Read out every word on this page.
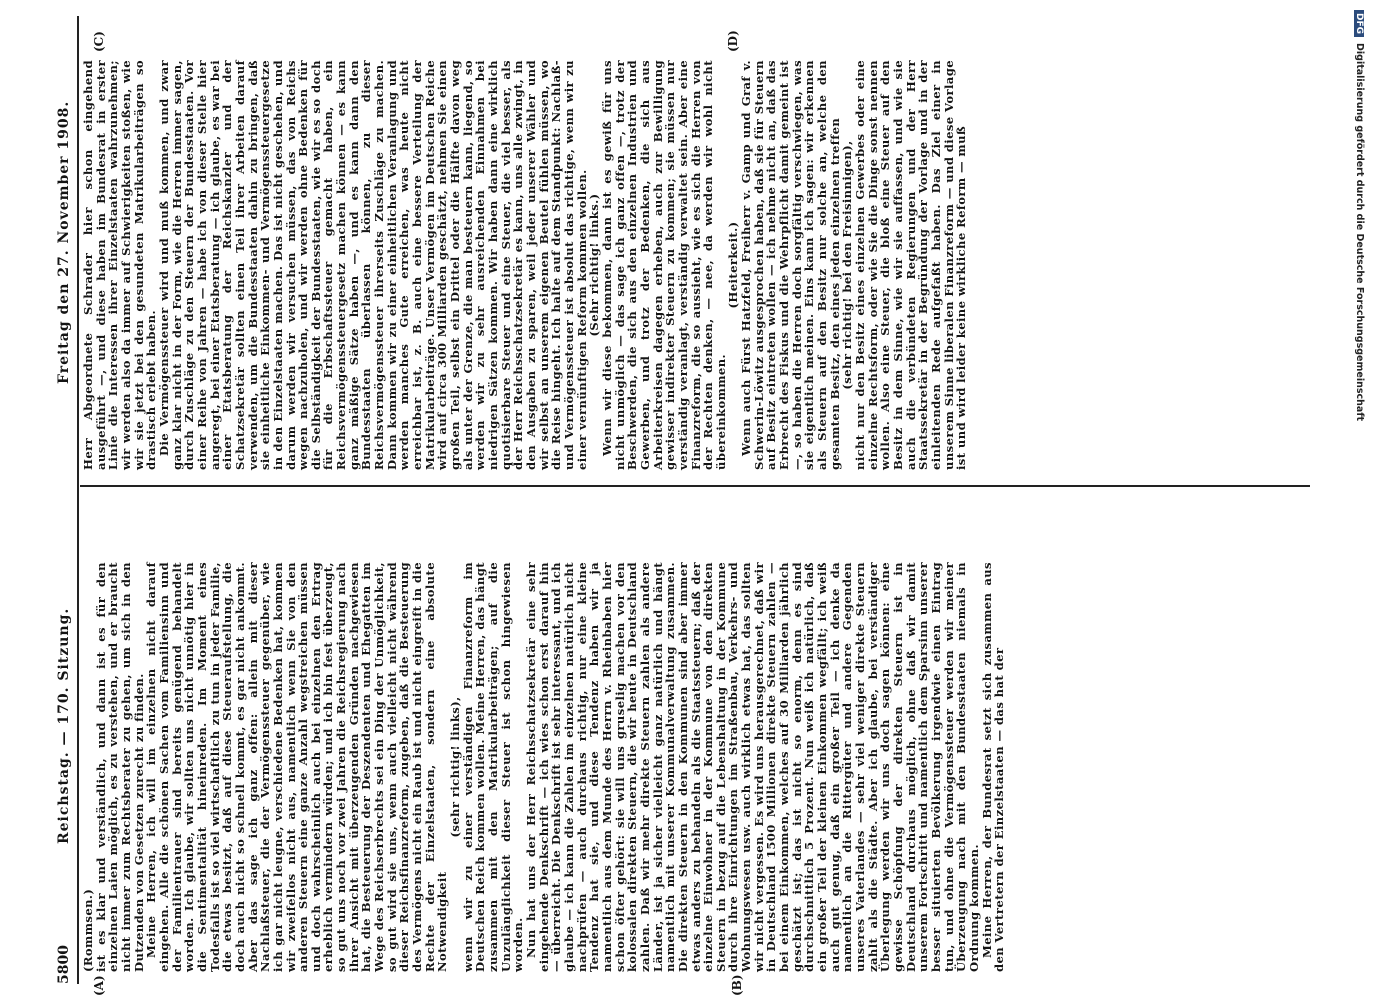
5800
Reichstag. — 170. Sitzung.
Freitag den 27. November 1908.
(A)	(B)
(C)	(D)

(Rommsen.)

ist es klar und verständlich, und dann ist es für den einzelnen Laien möglich, es zu verstehen, und er braucht nicht immer zum Rechtsberater zu gehen, um sich in den Dutzenden von Gesetzen zurecht zu finden.

Meine Herren, ich will im einzelnen nicht darauf eingehen. Alle die schönen Sachen vom Familiensinn und der Familientrauer sind bereits genügend behandelt worden. Ich glaube, wir sollten uns nicht unnötig hier in die Sentimentalität hineinreden. Im Moment eines Todesfalls ist so viel wirtschaftlich zu tun in jeder Familie, die etwas besitzt, daß auf diese Steueraufstellung, die doch auch nicht so schnell kommt, es gar nicht ankommt. Aber das sage ich ganz offen: allein mit dieser Nachlaßsteuer, die der Vermögenssteuer gegenüber, wie ich gar nicht leugne, verschiedene Bedenken hat, kommen wir zweifellos nicht aus, namentlich wenn Sie von den anderen Steuern eine ganze Anzahl wegstreichen müssen und doch wahrscheinlich auch bei einzelnen den Ertrag erheblich vermindern würden; und ich bin fest überzeugt, so gut uns noch vor zwei Jahren die Reichsregierung nach ihrer Ansicht mit überzeugenden Gründen nachgewiesen hat, die Besteuerung der Deszendenten und Ehegatten im Wege des Reichserbrechts sei ein Ding der Unmöglichkeit, so gut wird sie uns, wenn auch vielleicht nicht während dieser Reichsfinanzreform, zugeben, daß die Besteuerung des Vermögens nicht ein Raub ist und nicht eingreift in die Rechte der Einzelstaaten, sondern eine absolute Notwendigkeit

(sehr richtig! links),

wenn wir zu einer verständigen Finanzreform im Deutschen Reich kommen wollen. Meine Herren, das hängt zusammen mit den Matrikularbeiträgen; auf die Unzulänglichkeit dieser Steuer ist schon hingewiesen worden.

Nun hat uns der Herr Reichsschatzsekretär eine sehr eingehende Denkschrift — ich wies schon erst darauf hin — überreicht. Die Denkschrift ist sehr interessant, und ich glaube — ich kann die Zahlen im einzelnen natürlich nicht nachprüfen — auch durchaus richtig, nur eine kleine Tendenz hat sie, und diese Tendenz haben wir ja namentlich aus dem Munde des Herrn v. Rheinbaben hier schon öfter gehört: sie will uns gruselig machen vor den kolossalen direkten Steuern, die wir heute in Deutschland zahlen. Daß wir mehr direkte Steuern zahlen als andere Länder, ist ja sicher vielleicht ganz natürlich und hängt namentlich mit unserer Kommunalverwaltung zusammen. Die direkten Steuern in den Kommunen sind aber immer etwas anders zu behandeln als die Staatssteuern; daß der einzelne Einwohner in der Kommune von den direkten Steuern in bezug auf die Lebenshaltung in der Kommune durch ihre Einrichtungen im Straßenbau, Verkehrs- und Wohnungswesen usw. auch wirklich etwas hat, das sollten wir nicht vergessen. Es wird uns herausgerechnet, daß wir in Deutschland 1500 Millionen direkte Steuern zahlen — bei einem Einkommen, welches auf 30 Milliarden jährlich geschätzt ist; das ist nicht so enorm, denn es sind durchschnittlich 5 Prozent. Nun weiß ich natürlich, daß ein großer Teil der kleinen Einkommen wegfällt; ich weiß auch gut genug, daß ein großer Teil — ich denke da namentlich an die Rittergüter und andere Gegenden unseres Vaterlandes — sehr viel weniger direkte Steuern zahlt als die Städte. Aber ich glaube, bei verständiger Überlegung werden wir uns doch sagen können: eine gewisse Schöpfung der direkten Steuern ist in Deutschland durchaus möglich, ohne daß wir damit unserem Fortschritt und namentlich dem Sparsinn unserer besser situierten Bevölkerung irgendwie einen Eintrag tun, und ohne die Vermögenssteuer werden wir meiner Überzeugung nach mit den Bundesstaaten niemals in Ordnung kommen.

Meine Herren, der Bundesrat setzt sich zusammen aus den Vertretern der Einzelstaaten — das hat der

Herr Abgeordnete Schrader hier schon eingehend ausgeführt —, und diese haben im Bundesrat in erster Linie die Interessen ihrer Einzelstaaten wahrzunehmen; wir werden also da immer auf Schwierigkeiten stoßen, wie wir sie jetzt bei den gesundeten Matrikularbeiträgen so drastisch erlebt haben.

Die Vermögenssteuer wird und muß kommen, und zwar ganz klar nicht in der Form, wie die Herren immer sagen, durch Zuschläge zu den Steuern der Bundesstaaten. Vor einer Reihe von Jahren — habe ich von dieser Stelle hier angeregt, bei einer Etatsberatung — ich glaube, es war bei einer Etatsberatung der Reichskanzler und der Schatzsekretär sollten einen Teil ihrer Arbeiten darauf verwenden, um die Bundesstaaten dahin zu bringen, daß sie einheitliche Einkommen- und Vermögenssteuergesetze in den Einzelstaaten machen. Das ist nicht geschehen, und darum werden wir versuchen müssen, das von Reichs wegen nachzuholen, und wir werden ohne Bedenken für die Selbständigkeit der Bundesstaaten, wie wir es so doch für die Erbschaftssteuer gemacht haben, ein Reichsvermögenssteuergesetz machen können — es kann ganz mäßige Sätze haben —, und es kann dann den Bundesstaaten überlassen können, zu dieser Reichsvermögenssteuer ihrerseits Zuschläge zu machen. Dann kommen wir zu einer einheitlichen Veranlagung und werden manches Gute erreichen, was heute nicht erreichbar ist, z. B. auch eine bessere Verteilung der Matrikularbeiträge. Unser Vermögen im Deutschen Reiche wird auf circa 300 Milliarden geschätzt, nehmen Sie einen großen Teil, selbst ein Drittel oder die Hälfte davon weg als unter der Grenze, die man besteuern kann, liegend, so werden wir zu sehr ausreichenden Einnahmen bei niedrigen Sätzen kommen. Wir haben dann eine wirklich quotisierbare Steuer und eine Steuer, die viel besser, als der Herr Reichsschatzsekretär es kann, uns alle zwingt, in den Ausgaben zu sparen, weil jeder unserer Wähler und wir selbst an unserem eigenen Beutel fühlen müssen, wo die Reise hingeht. Ich halte auf dem Standpunkt: Nachlaß- und Vermögenssteuer ist absolut das richtige, wenn wir zu einer vernünftigen Reform kommen wollen.

(Sehr richtig! links.)

Wenn wir diese bekommen, dann ist es gewiß für uns nicht unmöglich — das sage ich ganz offen —, trotz der Beschwerden, die sich aus den einzelnen Industrien und Gewerben, und trotz der Bedenken, die sich aus Arbeiterkreisen dagegen erheben, auch zur Bewilligung gewisser indirekter Steuern zu kommen; sie müssen nur verständig veranlagt, verständig verwaltet sein. Aber eine Finanzreform, die so aussieht, wie es sich die Herren von der Rechten denken, — nee, da werden wir wohl nicht übereinkommen.

(Heiterkeit.)

Wenn auch Fürst Hatzfeld, Freiherr v. Gamp und Graf v. Schwerin-Löwitz ausgesprochen haben, daß sie für Steuern auf Besitz eintreten wollen — ich nehme nicht an, daß das Erbrecht des Fiskus und die Wehrpflicht damit gemeint ist —, so haben die Herren doch sorgfältig verschwiegen, was sie eigentlich meinen. Eins kann ich sagen: wir erkennen als Steuern auf den Besitz nur solche an, welche den gesamten Besitz, den eines jeden einzelnen treffen

(sehr richtig! bei den Freisinnigen),

nicht nur den Besitz eines einzelnen Gewerbes oder eine einzelne Rechtsform, oder wie Sie die Dinge sonst nennen wollen. Also eine Steuer, die bloß eine Steuer auf den Besitz in dem Sinne, wie wir sie auffassen, und wie sie auch die verbündeten Regierungen und der Herr Staatssekretär in der Begründung der Vorlage und in der einleitenden Rede aufgefaßt haben. Das Ziel einer in unserem Sinne liberalen Finanzreform — und diese Vorlage ist und wird leider keine wirkliche Reform — muß

DFGDigitalisierung gefördert durch die Deutsche Forschungsgemeinschaft
